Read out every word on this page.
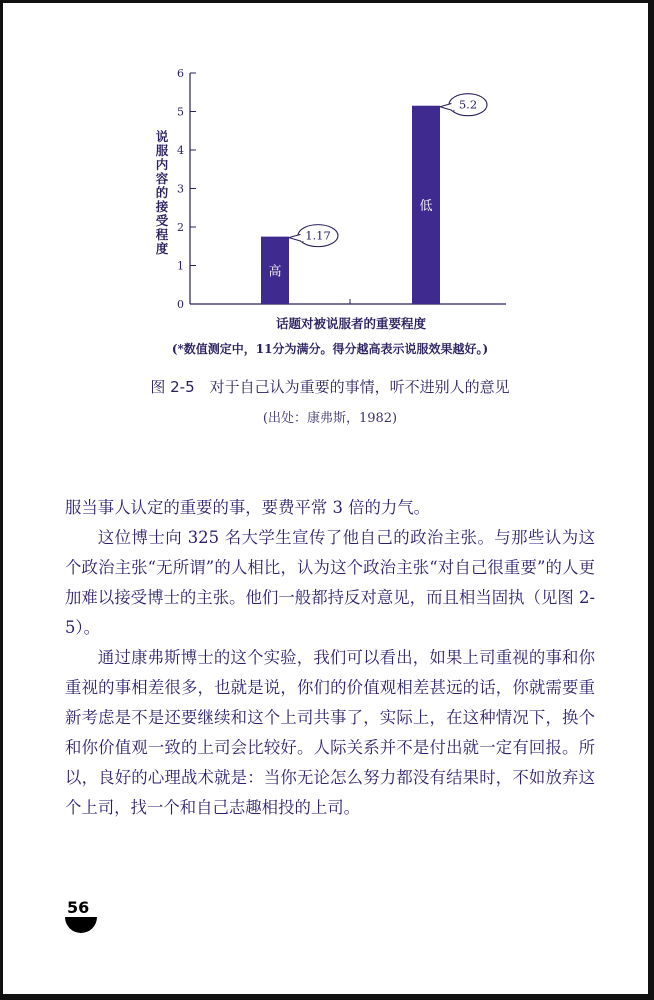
0
1
2
3
4
5
6
高
低
1.17
5.2
说服内容的接受程度
话题对被说服者的重要程度
(*数值测定中，11分为满分。得分越高表示说服效果越好。)
图 2-5　对于自己认为重要的事情，听不进别人的意见
(出处：康弗斯，1982)

服当事人认定的重要的事，要费平常 3 倍的力气。

这位博士向 325 名大学生宣传了他自己的政治主张。与那些认为这个政治主张“无所谓”的人相比，认为这个政治主张“对自己很重要”的人更加难以接受博士的主张。他们一般都持反对意见，而且相当固执（见图 2-5）。

通过康弗斯博士的这个实验，我们可以看出，如果上司重视的事和你重视的事相差很多，也就是说，你们的价值观相差甚远的话，你就需要重新考虑是不是还要继续和这个上司共事了，实际上，在这种情况下，换个和你价值观一致的上司会比较好。人际关系并不是付出就一定有回报。所以，良好的心理战术就是：当你无论怎么努力都没有结果时，不如放弃这个上司，找一个和自己志趣相投的上司。

56
